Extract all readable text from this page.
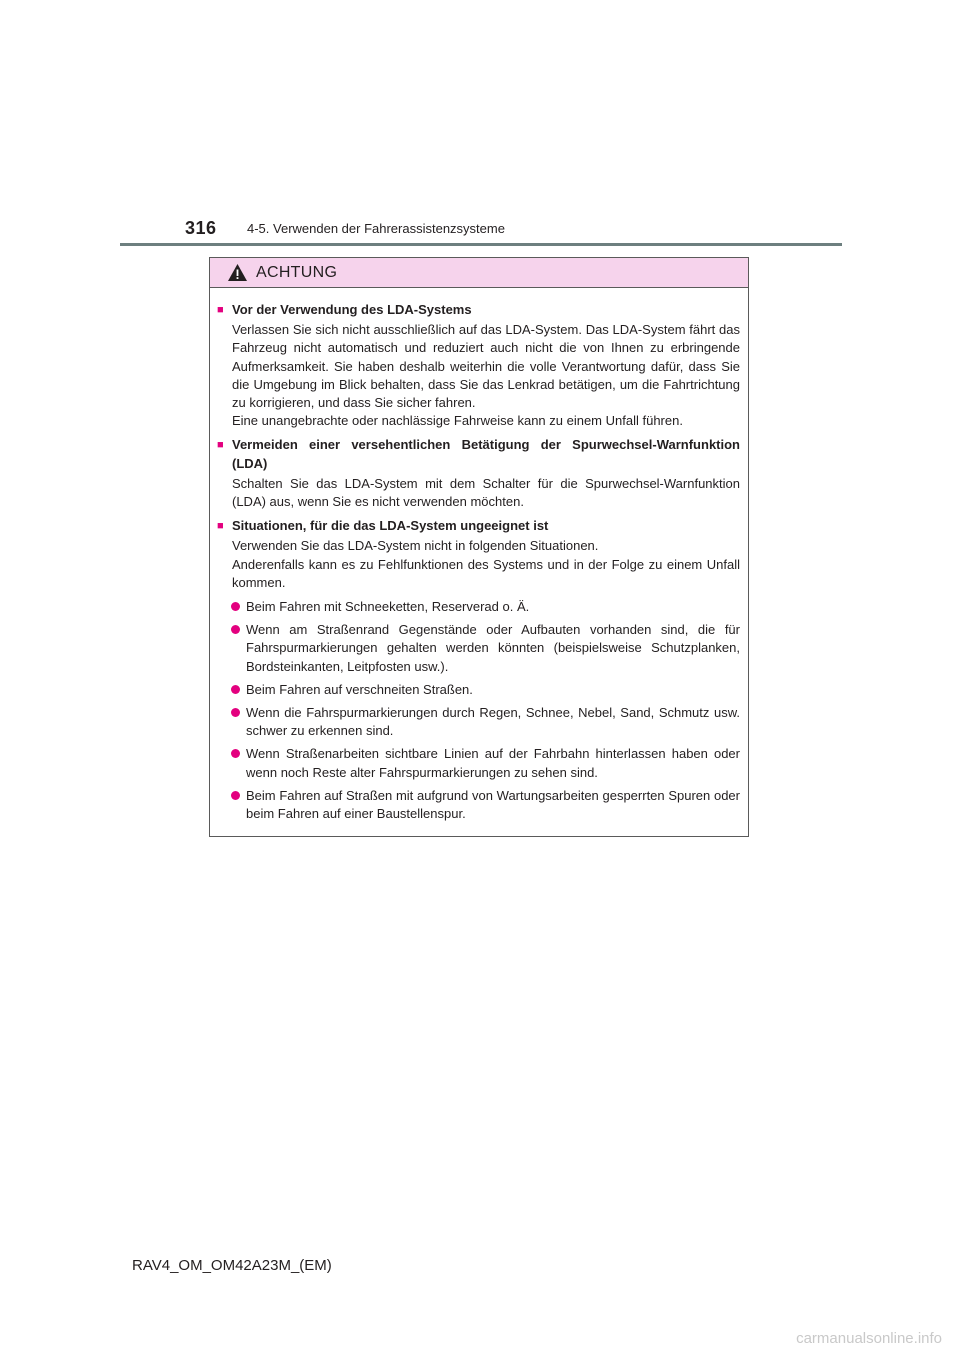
316 4-5. Verwenden der Fahrerassistenzsysteme
ACHTUNG
■ Vor der Verwendung des LDA-Systems
Verlassen Sie sich nicht ausschließlich auf das LDA-System. Das LDA-System fährt das Fahrzeug nicht automatisch und reduziert auch nicht die von Ihnen zu erbringende Aufmerksamkeit. Sie haben deshalb weiterhin die volle Verantwortung dafür, dass Sie die Umgebung im Blick behalten, dass Sie das Lenkrad betätigen, um die Fahrtrichtung zu korrigieren, und dass Sie sicher fahren.
Eine unangebrachte oder nachlässige Fahrweise kann zu einem Unfall führen.
■ Vermeiden einer versehentlichen Betätigung der Spurwechsel-Warnfunktion (LDA)
Schalten Sie das LDA-System mit dem Schalter für die Spurwechsel-Warnfunktion (LDA) aus, wenn Sie es nicht verwenden möchten.
■ Situationen, für die das LDA-System ungeeignet ist
Verwenden Sie das LDA-System nicht in folgenden Situationen.
Anderenfalls kann es zu Fehlfunktionen des Systems und in der Folge zu einem Unfall kommen.
Beim Fahren mit Schneeketten, Reserverad o. Ä.
Wenn am Straßenrand Gegenstände oder Aufbauten vorhanden sind, die für Fahrspurmarkierungen gehalten werden könnten (beispielsweise Schutzplanken, Bordsteinkanten, Leitpfosten usw.).
Beim Fahren auf verschneiten Straßen.
Wenn die Fahrspurmarkierungen durch Regen, Schnee, Nebel, Sand, Schmutz usw. schwer zu erkennen sind.
Wenn Straßenarbeiten sichtbare Linien auf der Fahrbahn hinterlassen haben oder wenn noch Reste alter Fahrspurmarkierungen zu sehen sind.
Beim Fahren auf Straßen mit aufgrund von Wartungsarbeiten gesperrten Spuren oder beim Fahren auf einer Baustellenspur.
RAV4_OM_OM42A23M_(EM)
carmanualsonline.info
